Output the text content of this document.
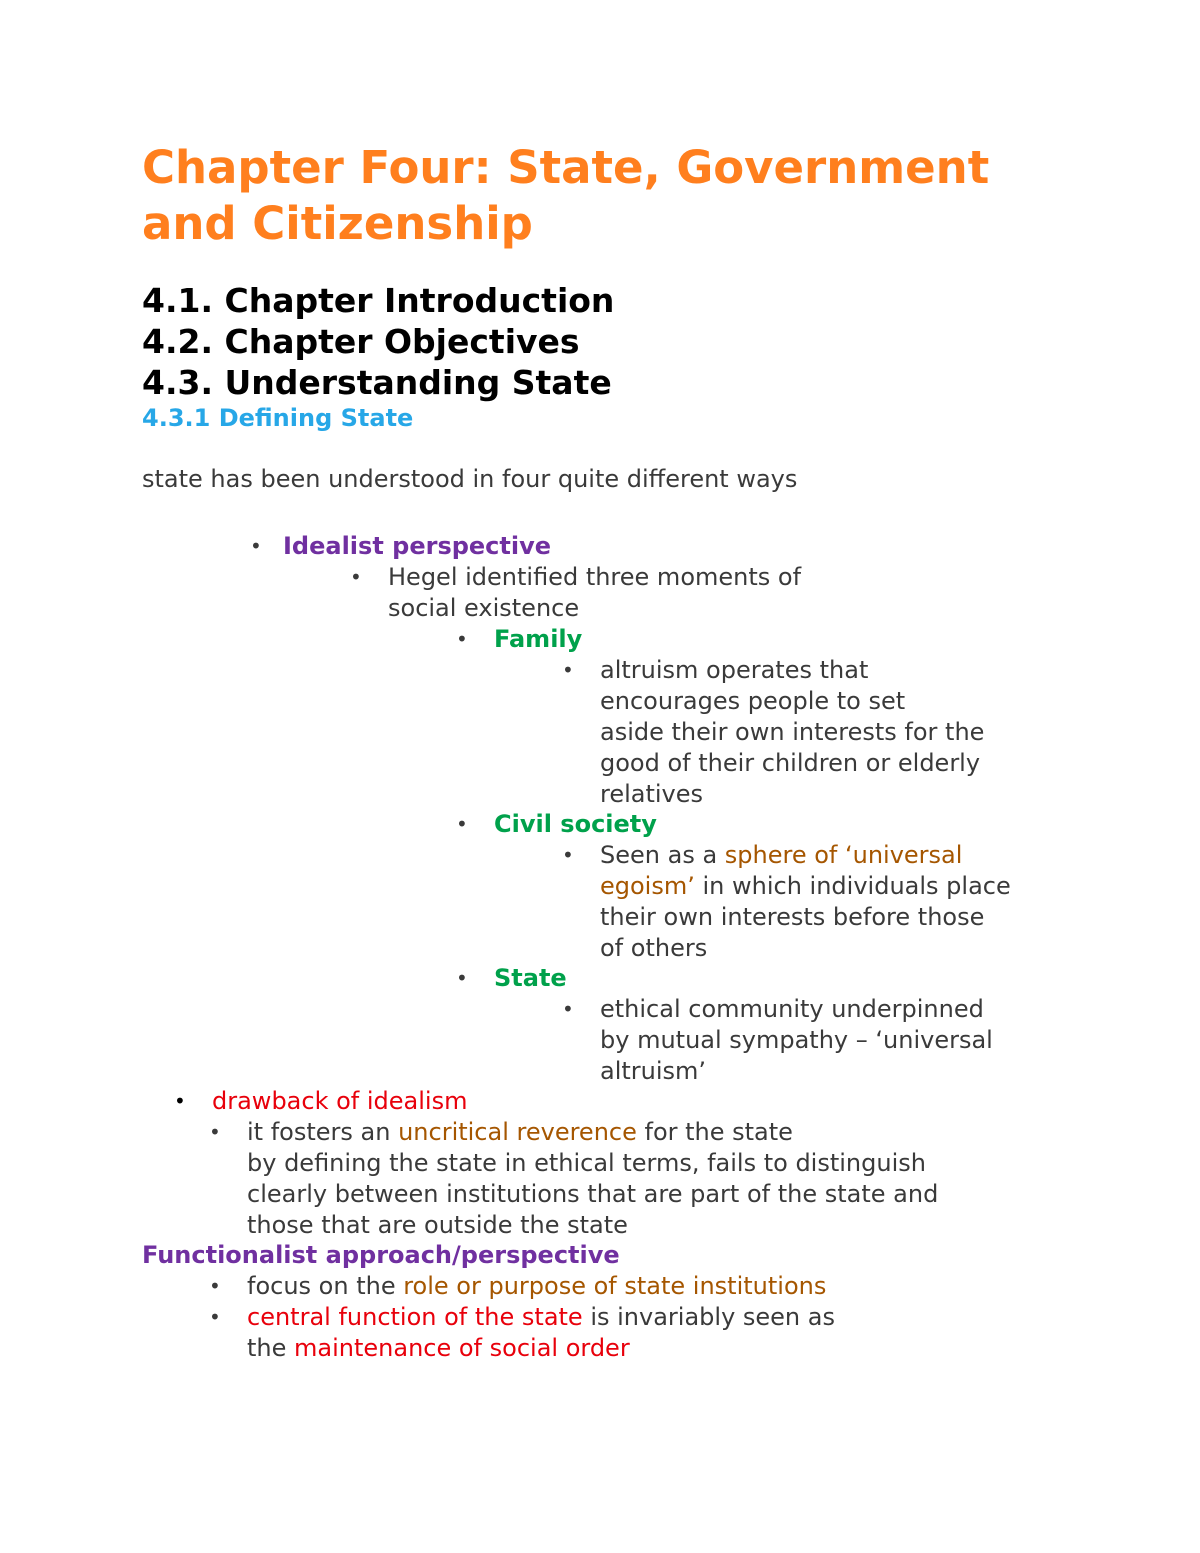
Chapter Four: State, Government
and Citizenship
4.1. Chapter Introduction
4.2. Chapter Objectives
4.3. Understanding State
4.3.1 Defining State

state has been understood in four quite different ways

• Idealist perspective
• Hegel identified three moments of
social existence
• Family
• altruism operates that
encourages people to set
aside their own interests for the
good of their children or elderly
relatives
• Civil society
• Seen as a sphere of ‘universal
egoism’ in which individuals place
their own interests before those
of others
• State
• ethical community underpinned
by mutual sympathy – ‘universal
altruism’
• drawback of idealism
• it fosters an uncritical reverence for the state
by defining the state in ethical terms, fails to distinguish
clearly between institutions that are part of the state and
those that are outside the state

Functionalist approach/perspective

• focus on the role or purpose of state institutions
• central function of the state is invariably seen as
the maintenance of social order
